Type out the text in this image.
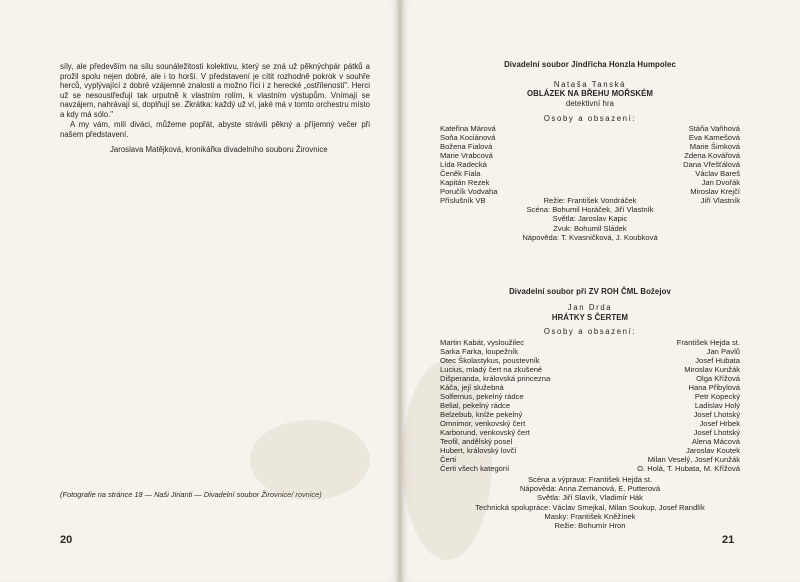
síly, ale především na sílu sounáležitosti kolektivu, který se zná už pěknýchpár pátků a prožil spolu nejen dobré, ale i to horší. V představení je cítit rozhodně pokrok v souhře herců, vyplývající z dobré vzájemné znalosti a možno říci i z herecké „ostřílenosti". Herci už se nesoustřeďují tak urputně k vlastním rolím, k vlastním výstupům. Vnímají se navzájem, nahrávají si, doplňují se. Zkrátka: každý už ví, jaké má v tomto orchestru místo a kdy má sólo."
A my vám, milí diváci, můžeme popřát, abyste strávili pěkný a příjemný večer při našem představení.
Jaroslava Matějková, kronikářka divadelního souboru Žirovnice
(Fotografie na stránce 18 — Naši Jirianti — Divadelní soubor Žirovnice/ rovnice)
20
Divadelní soubor Jindřicha Honzla Humpolec
Nataša Tanská
OBLÁZEK NA BŘEHU MOŘSKÉM
detektivní hra
Osoby a obsazení:
Kateřina Márová	Stáňa Vaňhová
Soňa Kociánová	Eva Kamešová
Božena Fialová	Marie Šimková
Marie Vrabcová	Zdena Kovářová
Lída Radecká	Dana Vřešťálová
Čeněk Fiala	Václav Bareš
Kapitán Rezek	Jan Dvořák
Poručík Vodvaha	Miroslav Krejčí
Příslušník VB	Jiří Vlastník
Režie: František Vondráček
Scéna: Bohumil Horáček, Jiří Vlastník
Světla: Jaroslav Kapic
Zvuk: Bohumil Sládek
Nápověda: T. Kvasničková, J. Koubková
Divadelní soubor při ZV ROH ČML Božejov
Jan Drda
HRÁTKY S ČERTEM
Osoby a obsazení:
Martin Kabát, vysloužilec	František Hejda st.
Sarka Farka, loupežník	Jan Pavlů
Otec Školastykus, poustevník	Josef Hubata
Lucius, mladý čert na zkušené	Miroslav Kunžák
Dišperanda, královská princezna	Olga Křížová
Káča, její služebná	Hana Přibylová
Solfernus, pekelný rádce	Petr Kopecký
Belial, pekelný rádce	Ladislav Holý
Belzebub, kníže pekelný	Josef Lhotský
Omnimor, venkovský čert	Josef Hrbek
Karborund, venkovský čert	Josef Lhotský
Teofil, andělský posel	Alena Mácová
Hubert, královský lovčí	Jaroslav Koutek
Čerti	Milan Veselý, Josef Kunžák
Čerti všech kategorií	O. Holá, T. Hubata, M. Křížová
Scéna a výprava: František Hejda st.
Nápověda: Anna Zemanová, E. Putterová
Světla: Jiří Slavík, Vladimír Hák
Technická spolupráce: Václav Smejkal, Milan Soukup, Josef Randlík
Masky: František Kněžínek
Režie: Bohumír Hron
21
